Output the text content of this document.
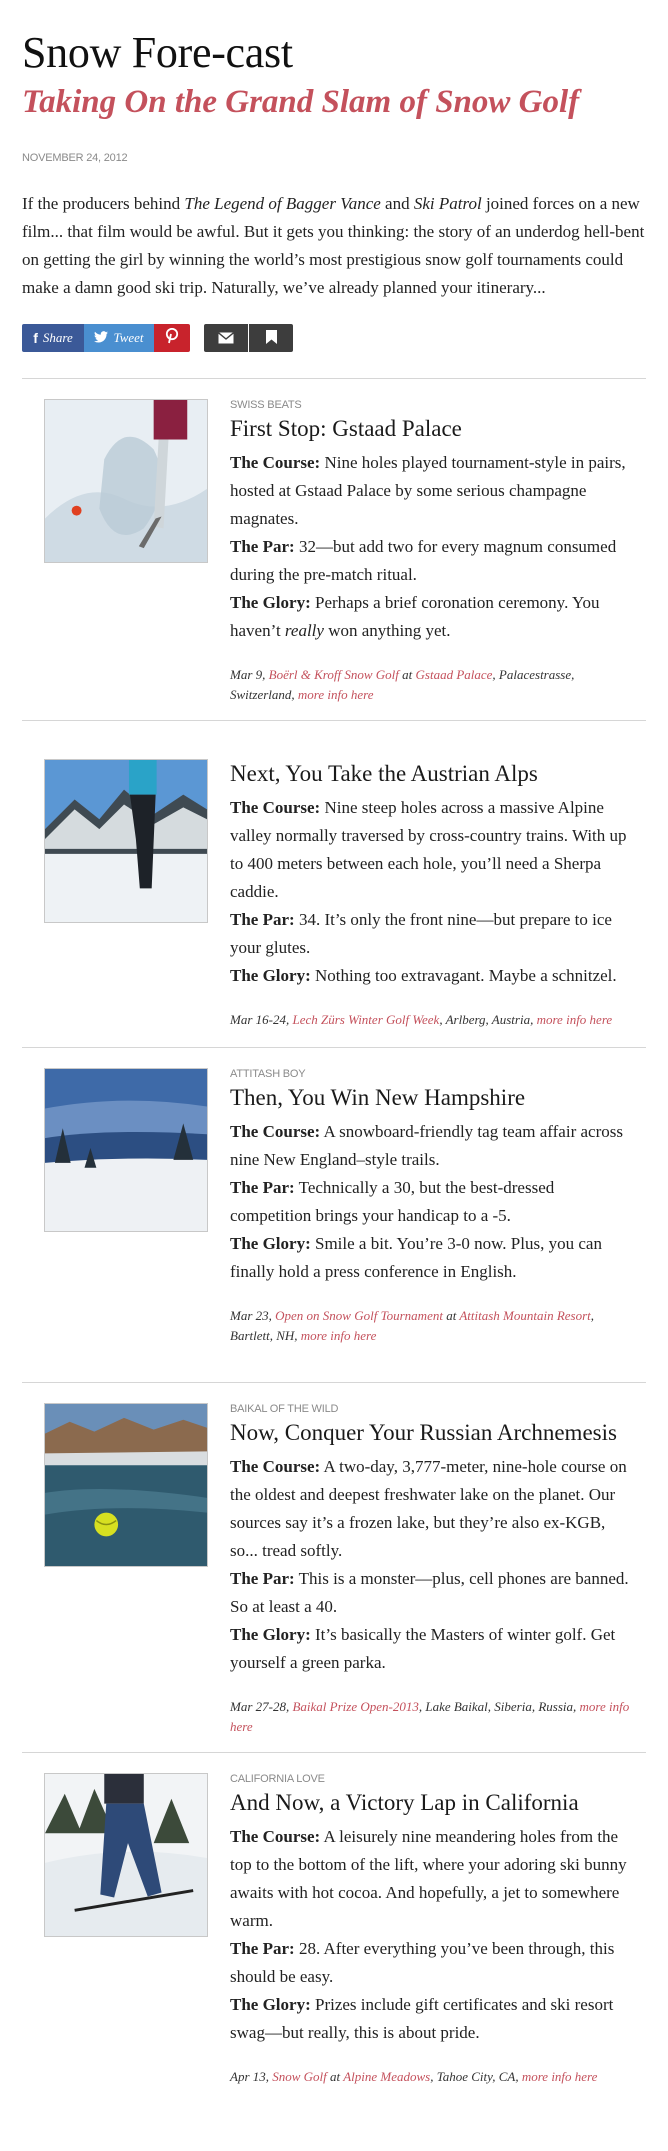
Snow Fore-cast
Taking On the Grand Slam of Snow Golf
NOVEMBER 24, 2012

If the producers behind The Legend of Bagger Vance and Ski Patrol joined forces on a new film... that film would be awful. But it gets you thinking: the story of an underdog hell-bent on getting the girl by winning the world’s most prestigious snow golf tournaments could make a damn good ski trip. Naturally, we’ve already planned your itinerary...

f Share	Tweet
SWISS BEATS
First Stop: Gstaad Palace
The Course: Nine holes played tournament-style in pairs, hosted at Gstaad Palace by some serious champagne magnates.
The Par: 32—but add two for every magnum consumed during the pre-match ritual.
The Glory: Perhaps a brief coronation ceremony. You haven’t really won anything yet.
Mar 9, Boërl & Kroff Snow Golf at Gstaad Palace, Palacestrasse, Switzerland, more info here
Next, You Take the Austrian Alps
The Course: Nine steep holes across a massive Alpine valley normally traversed by cross-country trains. With up to 400 meters between each hole, you’ll need a Sherpa caddie.
The Par: 34. It’s only the front nine—but prepare to ice your glutes.
The Glory: Nothing too extravagant. Maybe a schnitzel.
Mar 16-24, Lech Zürs Winter Golf Week, Arlberg, Austria, more info here
ATTITASH BOY
Then, You Win New Hampshire
The Course: A snowboard-friendly tag team affair across nine New England–style trails.
The Par: Technically a 30, but the best-dressed competition brings your handicap to a -5.
The Glory: Smile a bit. You’re 3-0 now. Plus, you can finally hold a press conference in English.
Mar 23, Open on Snow Golf Tournament at Attitash Mountain Resort, Bartlett, NH, more info here
BAIKAL OF THE WILD
Now, Conquer Your Russian Archnemesis
The Course: A two-day, 3,777-meter, nine-hole course on the oldest and deepest freshwater lake on the planet. Our sources say it’s a frozen lake, but they’re also ex-KGB, so... tread softly.
The Par: This is a monster—plus, cell phones are banned. So at least a 40.
The Glory: It’s basically the Masters of winter golf. Get yourself a green parka.
Mar 27-28, Baikal Prize Open-2013, Lake Baikal, Siberia, Russia, more info here
CALIFORNIA LOVE
And Now, a Victory Lap in California
The Course: A leisurely nine meandering holes from the top to the bottom of the lift, where your adoring ski bunny awaits with hot cocoa. And hopefully, a jet to somewhere warm.
The Par: 28. After everything you’ve been through, this should be easy.
The Glory: Prizes include gift certificates and ski resort swag—but really, this is about pride.
Apr 13, Snow Golf at Alpine Meadows, Tahoe City, CA, more info here
